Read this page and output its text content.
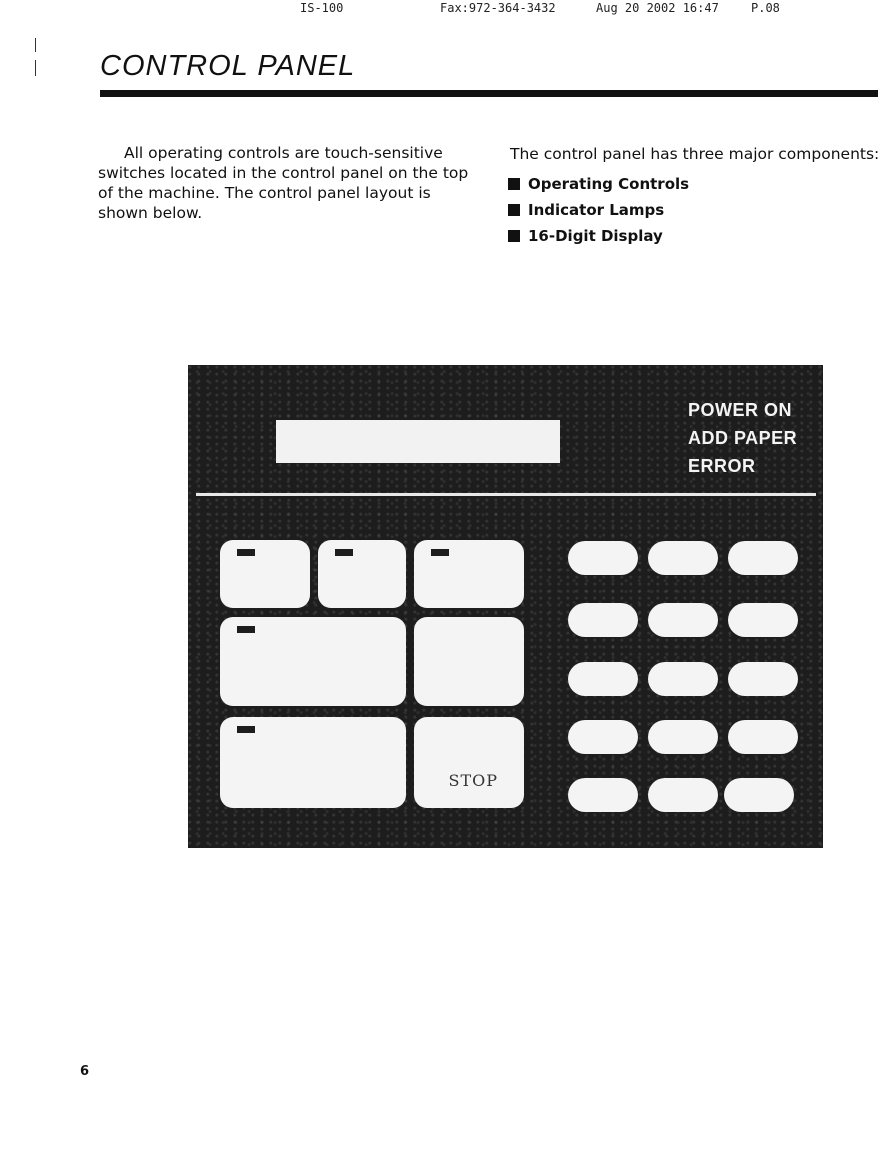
IS-100	Fax:972-364-3432	Aug 20 2002 16:47	P.08
CONTROL PANEL

All operating controls are touch-sensitive switches located in the control panel on the top of the machine. The control panel layout is shown below.

The control panel has three major components:

Operating Controls
Indicator Lamps
16-Digit Display
POWER ON
ADD PAPER
ERROR
STOP
6
